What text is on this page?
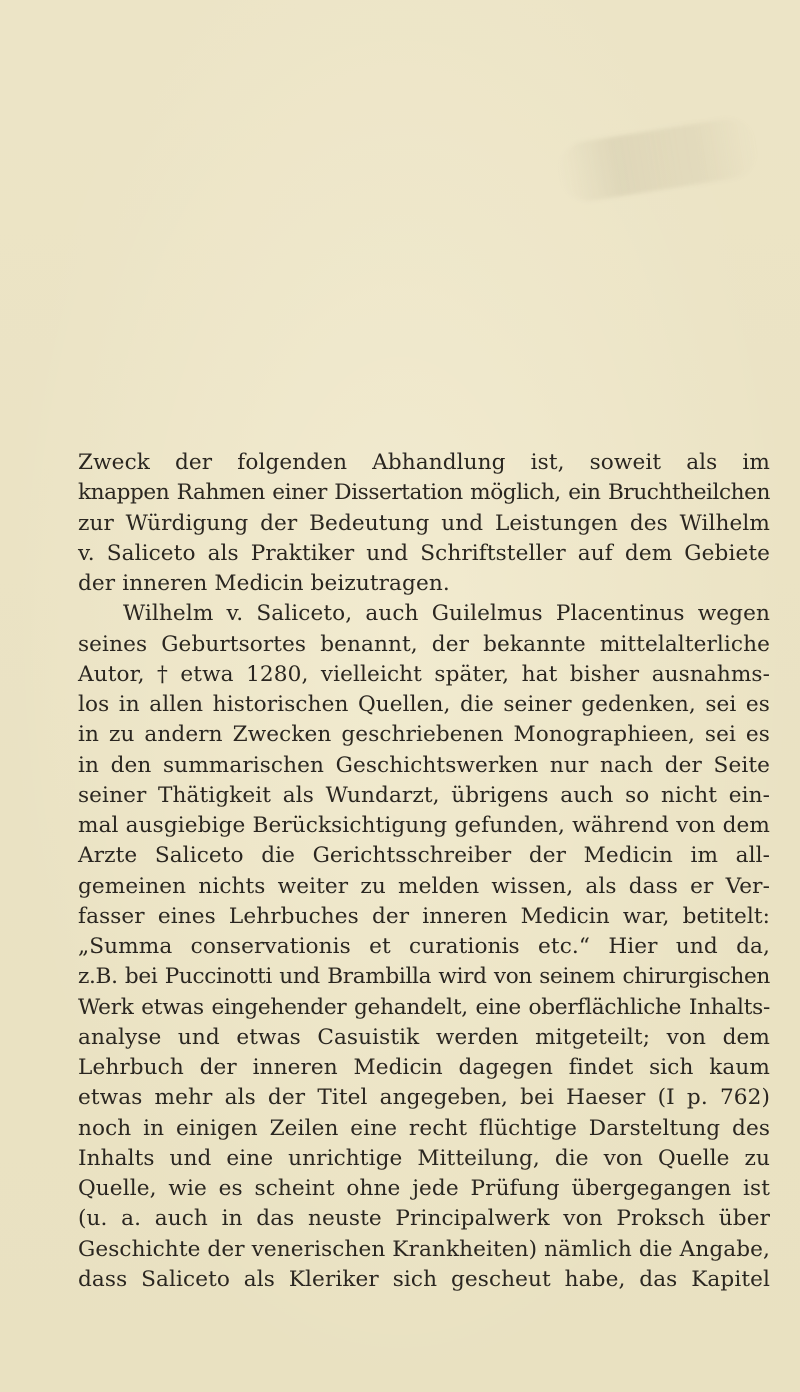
Zweck der folgenden Abhandlung ist, soweit als im
knappen Rahmen einer Dissertation möglich, ein Bruchtheilchen
zur Würdigung der Bedeutung und Leistungen des Wilhelm
v. Saliceto als Praktiker und Schriftsteller auf dem Gebiete
der inneren Medicin beizutragen.
Wilhelm v. Saliceto, auch Guilelmus Placentinus wegen
seines Geburtsortes benannt, der bekannte mittelalterliche
Autor, † etwa 1280, vielleicht später, hat bisher ausnahms-
los in allen historischen Quellen, die seiner gedenken, sei es
in zu andern Zwecken geschriebenen Monographieen, sei es
in den summarischen Geschichtswerken nur nach der Seite
seiner Thätigkeit als Wundarzt, übrigens auch so nicht ein-
mal ausgiebige Berücksichtigung gefunden, während von dem
Arzte Saliceto die Gerichtsschreiber der Medicin im all-
gemeinen nichts weiter zu melden wissen, als dass er Ver-
fasser eines Lehrbuches der inneren Medicin war, betitelt:
„Summa conservationis et curationis etc.“ Hier und da,
z.B. bei Puccinotti und Brambilla wird von seinem chirurgischen
Werk etwas eingehender gehandelt, eine oberflächliche Inhalts-
analyse und etwas Casuistik werden mitgeteilt; von dem
Lehrbuch der inneren Medicin dagegen findet sich kaum
etwas mehr als der Titel angegeben, bei Haeser (I p. 762)
noch in einigen Zeilen eine recht flüchtige Darsteltung des
Inhalts und eine unrichtige Mitteilung, die von Quelle zu
Quelle, wie es scheint ohne jede Prüfung übergegangen ist
(u. a. auch in das neuste Principalwerk von Proksch über
Geschichte der venerischen Krankheiten) nämlich die Angabe,
dass Saliceto als Kleriker sich gescheut habe, das Kapitel
